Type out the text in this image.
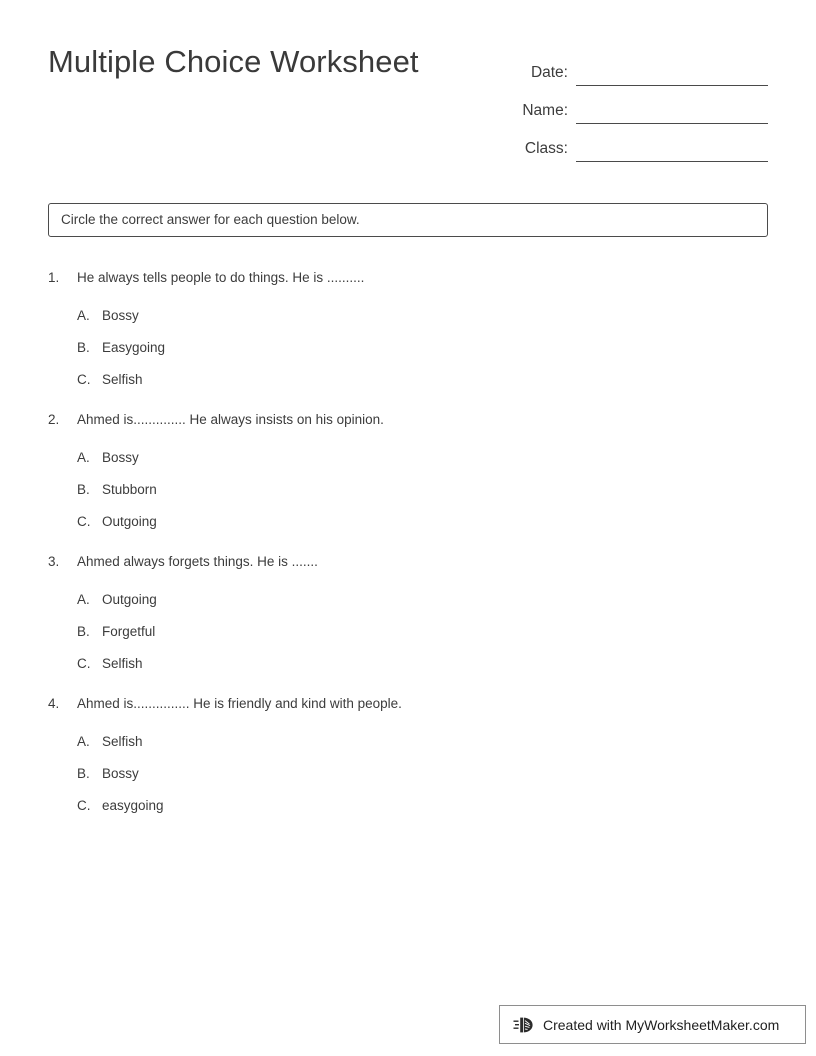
Multiple Choice Worksheet	Date:
Name:
Class:
Circle the correct answer for each question below.
1.	He always tells people to do things. He is ..........
A. Bossy
B. Easygoing
C. Selfish
2.	Ahmed is.............. He always insists on his opinion.
A. Bossy
B. Stubborn
C. Outgoing
3.	Ahmed always forgets things. He is .......
A. Outgoing
B. Forgetful
C. Selfish
4.	Ahmed is............... He is friendly and kind with people.
A. Selfish
B. Bossy
C. easygoing
Created with MyWorksheetMaker.com
